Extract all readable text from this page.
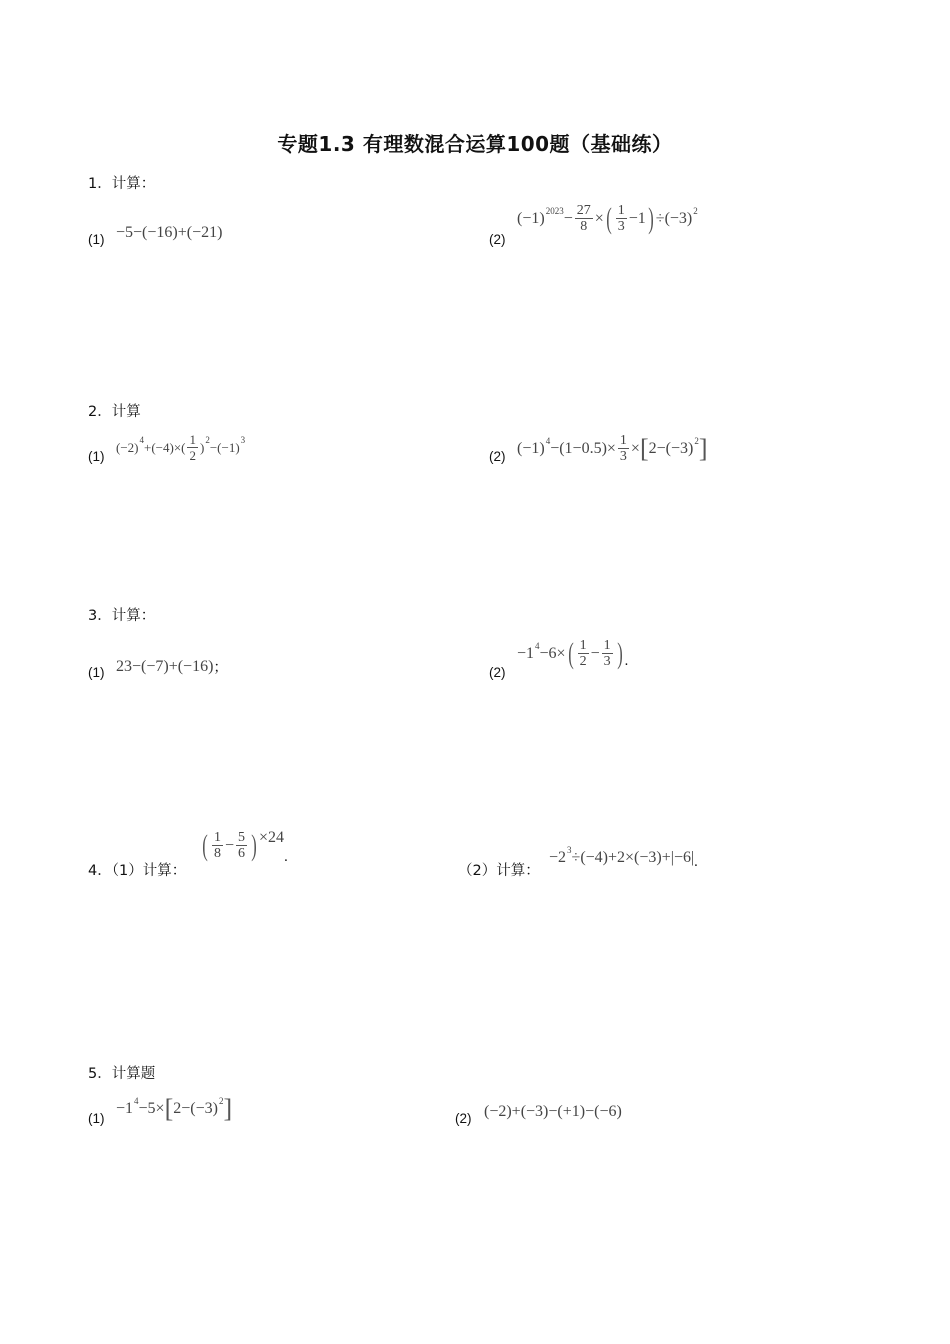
专题1.3 有理数混合运算100题（基础练）
1．计算：
(1) −5−(−16)+(−21)	(2)
(−1) $2023 - \frac{27}{8}$ × ( $\frac{1}{3} -1$ ) ÷(−3) 2
2．计算
(1)
(−2) $4 +(-4)\times( \frac{1}{2}$ ) 2 −(−1) 3
(2) (−1) $4 -(1-0.5)\times \frac{1}{3}$ × [ 2−(−3) 2 ]
3．计算：
(1) 23−(−7)+(−16) ；	(2)
−1 4 −6× ( $\frac{1}{2} - \frac{1}{3}$ ) .
4．（1）计算：
( $\frac{1}{8} - \frac{5}{6}$ ) ×24
.
（2）计算：
−2 3 ÷(−4)+2×(−3)+|−6| .
5．计算题
(1)
−1 4 −5× [ 2−(−3) 2 ]	(2) (−2)+(−3)−(+1)−(−6)
